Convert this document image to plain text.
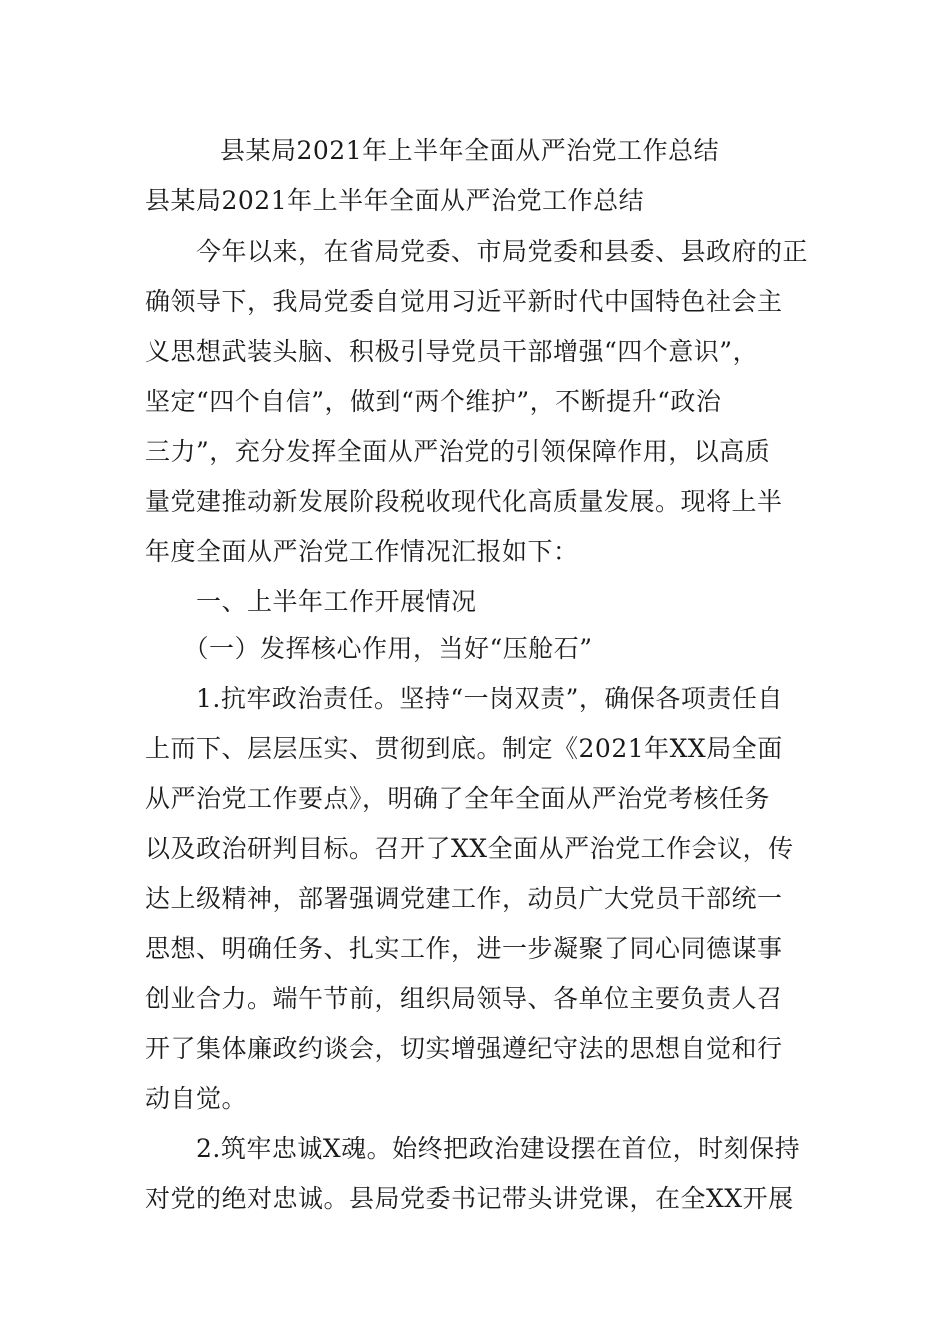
县某局2021年上半年全面从严治党工作总结
县某局2021年上半年全面从严治党工作总结
　　今年以来，在省局党委、市局党委和县委、县政府的正
确领导下，我局党委自觉用习近平新时代中国特色社会主
义思想武装头脑、积极引导党员干部增强“四个意识”，
坚定“四个自信”，做到“两个维护”，不断提升“政治
三力”，充分发挥全面从严治党的引领保障作用，以高质
量党建推动新发展阶段税收现代化高质量发展。现将上半
年度全面从严治党工作情况汇报如下：
　　一、上半年工作开展情况
　　（一）发挥核心作用，当好“压舱石”
　　1.抗牢政治责任。坚持“一岗双责”，确保各项责任自
上而下、层层压实、贯彻到底。制定《2021年XX局全面
从严治党工作要点》，明确了全年全面从严治党考核任务
以及政治研判目标。召开了XX全面从严治党工作会议，传
达上级精神，部署强调党建工作，动员广大党员干部统一
思想、明确任务、扎实工作，进一步凝聚了同心同德谋事
创业合力。端午节前，组织局领导、各单位主要负责人召
开了集体廉政约谈会，切实增强遵纪守法的思想自觉和行
动自觉。
　　2.筑牢忠诚X魂。始终把政治建设摆在首位，时刻保持
对党的绝对忠诚。县局党委书记带头讲党课，在全XX开展
